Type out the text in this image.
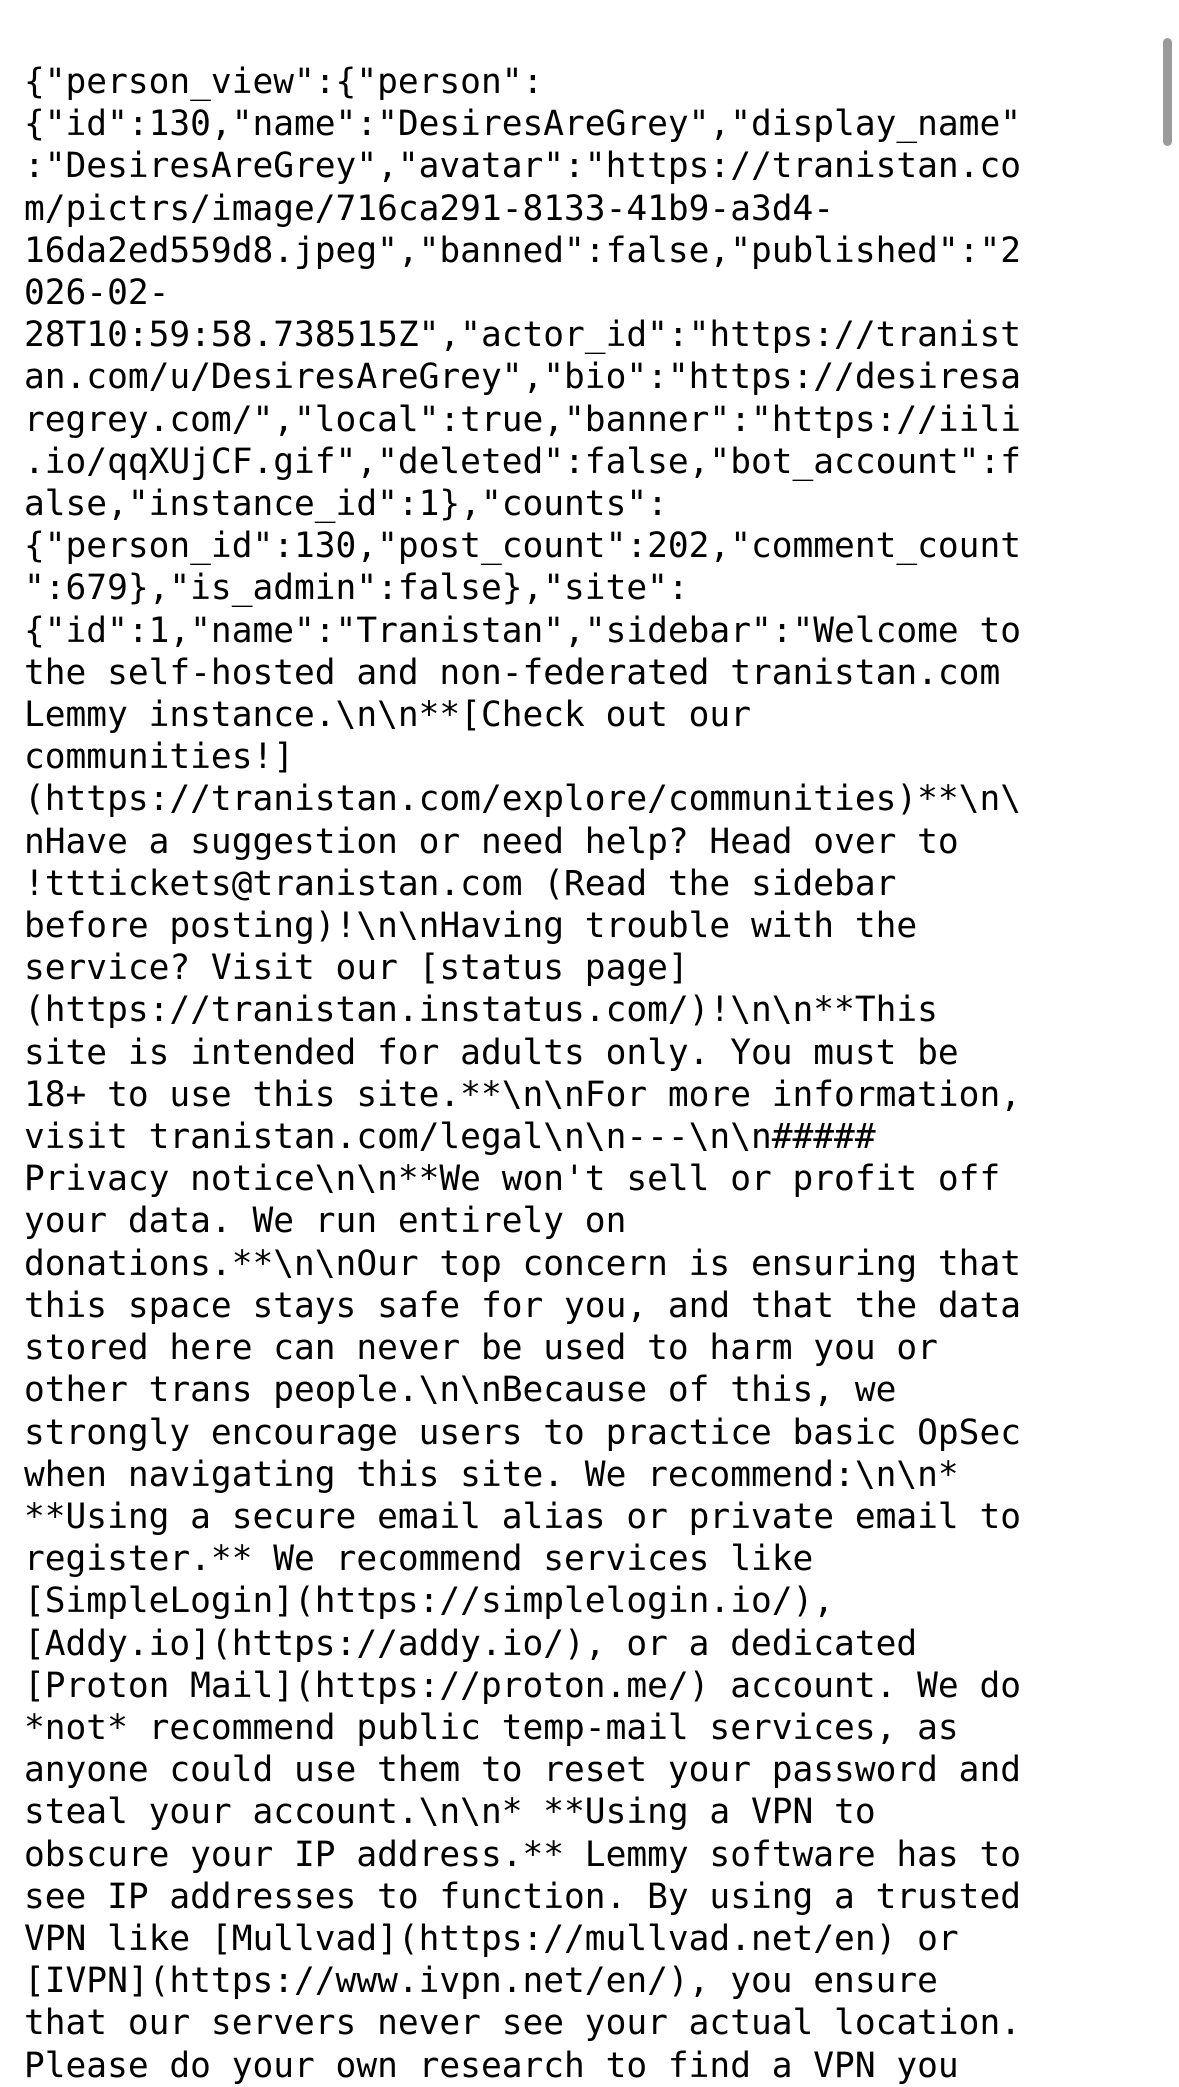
{"person_view":{"person":
{"id":130,"name":"DesiresAreGrey","display_name"
:"DesiresAreGrey","avatar":"https://tranistan.co
m/pictrs/image/716ca291-8133-41b9-a3d4-
16da2ed559d8.jpeg","banned":false,"published":"2
026-02-
28T10:59:58.738515Z","actor_id":"https://tranist
an.com/u/DesiresAreGrey","bio":"https://desiresa
regrey.com/","local":true,"banner":"https://iili
.io/qqXUjCF.gif","deleted":false,"bot_account":f
alse,"instance_id":1},"counts":
{"person_id":130,"post_count":202,"comment_count
":679},"is_admin":false},"site":
{"id":1,"name":"Tranistan","sidebar":"Welcome to
the self-hosted and non-federated tranistan.com
Lemmy instance.\n\n**[Check out our
communities!]
(https://tranistan.com/explore/communities)**\n\
nHave a suggestion or need help? Head over to
!tttickets@tranistan.com (Read the sidebar
before posting)!\n\nHaving trouble with the
service? Visit our [status page]
(https://tranistan.instatus.com/)!\n\n**This
site is intended for adults only. You must be
18+ to use this site.**\n\nFor more information,
visit tranistan.com/legal\n\n---\n\n#####
Privacy notice\n\n**We won't sell or profit off
your data. We run entirely on
donations.**\n\nOur top concern is ensuring that
this space stays safe for you, and that the data
stored here can never be used to harm you or
other trans people.\n\nBecause of this, we
strongly encourage users to practice basic OpSec
when navigating this site. We recommend:\n\n*
**Using a secure email alias or private email to
register.** We recommend services like
[SimpleLogin](https://simplelogin.io/),
[Addy.io](https://addy.io/), or a dedicated
[Proton Mail](https://proton.me/) account. We do
*not* recommend public temp-mail services, as
anyone could use them to reset your password and
steal your account.\n\n* **Using a VPN to
obscure your IP address.** Lemmy software has to
see IP addresses to function. By using a trusted
VPN like [Mullvad](https://mullvad.net/en) or
[IVPN](https://www.ivpn.net/en/), you ensure
that our servers never see your actual location.
Please do your own research to find a VPN you
